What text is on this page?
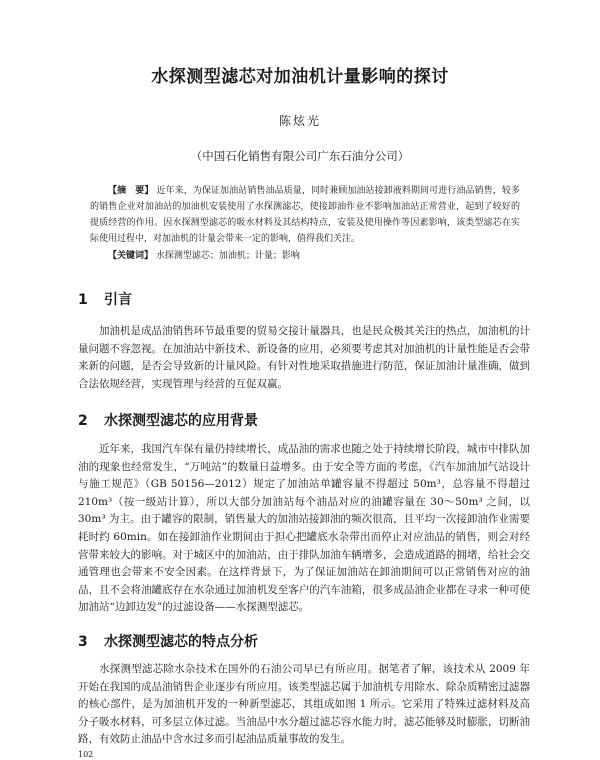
水探测型滤芯对加油机计量影响的探讨
陈炫光
（中国石化销售有限公司广东石油分公司）

【摘　要】 近年来，为保证加油站销售油品质量，同时兼顾加油站接卸液料期间可进行油品销售，较多的销售企业对加油站的加油机安装使用了水探测滤芯，使接卸油作业不影响加油站正常营业，起到了较好的提质经营的作用。因水探测型滤芯的吸水材料及其结构特点，安装及使用操作等因素影响，该类型滤芯在实际使用过程中，对加油机的计量会带来一定的影响，值得我们关注。

【关键词】 水探测型滤芯；加油机；计量；影响
1 引言

加油机是成品油销售环节最重要的贸易交接计量器具，也是民众极其关注的热点，加油机的计量问题不容忽视。在加油站中新技术、新设备的应用，必须要考虑其对加油机的计量性能是否会带来新的问题，是否会导致新的计量风险。有针对性地采取措施进行防范，保证加油计量准确，做到合法依规经营，实现管理与经营的互促双赢。

2 水探测型滤芯的应用背景

近年来，我国汽车保有量仍持续增长，成品油的需求也随之处于持续增长阶段，城市中排队加油的现象也经常发生，“万吨站”的数量日益增多。由于安全等方面的考虑，《汽车加油加气站设计与施工规范》（GB 50156—2012）规定了加油站单罐容量不得超过 50m³，总容量不得超过 210m³（按一级站计算），所以大部分加油站每个油品对应的油罐容量在 30～50m³ 之间，以 30m³ 为主。由于罐容的限制，销售量大的加油站接卸油的频次很高，且平均一次接卸油作业需要耗时约 60min。如在接卸油作业期间由于担心把罐底水杂带出而停止对应油品的销售，则会对经营带来较大的影响。对于城区中的加油站，由于排队加油车辆增多，会造成道路的拥堵，给社会交通管理也会带来不安全因素。在这样背景下，为了保证加油站在卸油期间可以正常销售对应的油品，且不会将油罐底存在水杂通过加油机发至客户的汽车油箱，很多成品油企业都在寻求一种可使加油站“边卸边发”的过滤设备——水探测型滤芯。

3 水探测型滤芯的特点分析

水探测型滤芯除水杂技术在国外的石油公司早已有所应用。据笔者了解，该技术从 2009 年开始在我国的成品油销售企业逐步有所应用。该类型滤芯属于加油机专用除水、除杂质精密过滤器的核心部件，是为加油机开发的一种新型滤芯，其组成如图 1 所示。它采用了特殊过滤材料及高分子吸水材料，可多层立体过滤。当油品中水分超过滤芯容水能力时，滤芯能够及时膨胀，切断油路，有效防止油品中含水过多而引起油品质量事故的发生。

102
